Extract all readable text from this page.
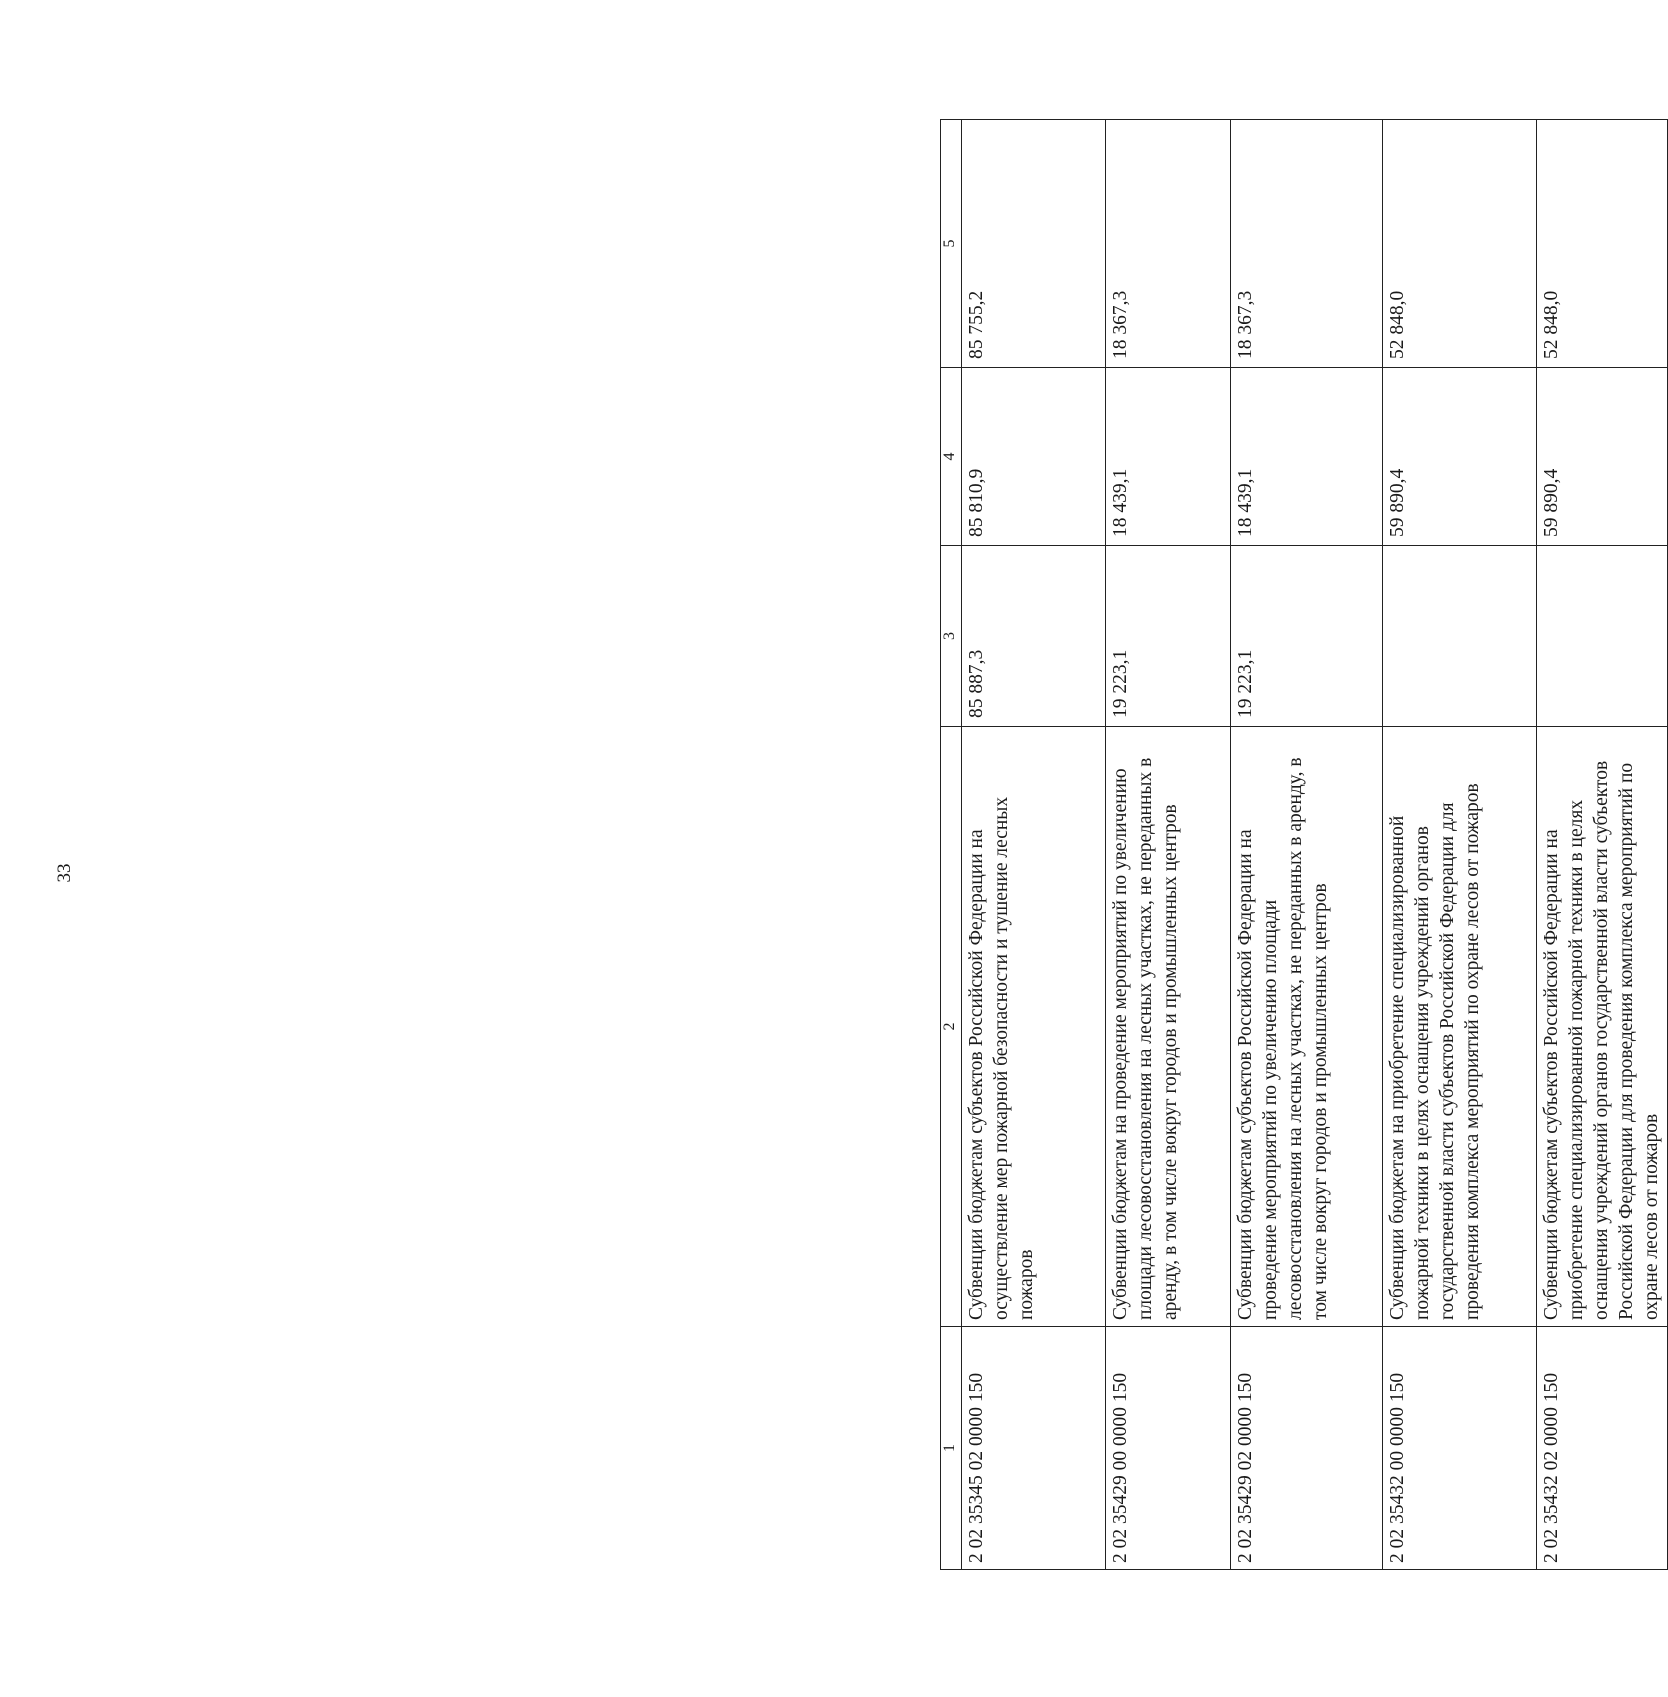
33
1	2	3	4	5
2 02 35345 02 0000 150	Субвенции бюджетам субъектов Российской Федерации на осуществление мер пожарной безопасности и тушение лесных пожаров	85 887,3	85 810,9	85 755,2
2 02 35429 00 0000 150	Субвенции бюджетам на проведение мероприятий по увеличению площади лесовосстановления на лесных участках, не переданных в аренду, в том числе вокруг городов и промышленных центров	19 223,1	18 439,1	18 367,3
2 02 35429 02 0000 150	Субвенции бюджетам субъектов Российской Федерации на проведение мероприятий по увеличению площади лесовосстановления на лесных участках, не переданных в аренду, в том числе вокруг городов и промышленных центров	19 223,1	18 439,1	18 367,3
2 02 35432 00 0000 150	Субвенции бюджетам на приобретение специализированной пожарной техники в целях оснащения учреждений органов государственной власти субъектов Российской Федерации для проведения комплекса мероприятий по охране лесов от пожаров		59 890,4	52 848,0
2 02 35432 02 0000 150	Субвенции бюджетам субъектов Российской Федерации на приобретение специализированной пожарной техники в целях оснащения учреждений органов государственной власти субъектов Российской Федерации для проведения комплекса мероприятий по охране лесов от пожаров		59 890,4	52 848,0
